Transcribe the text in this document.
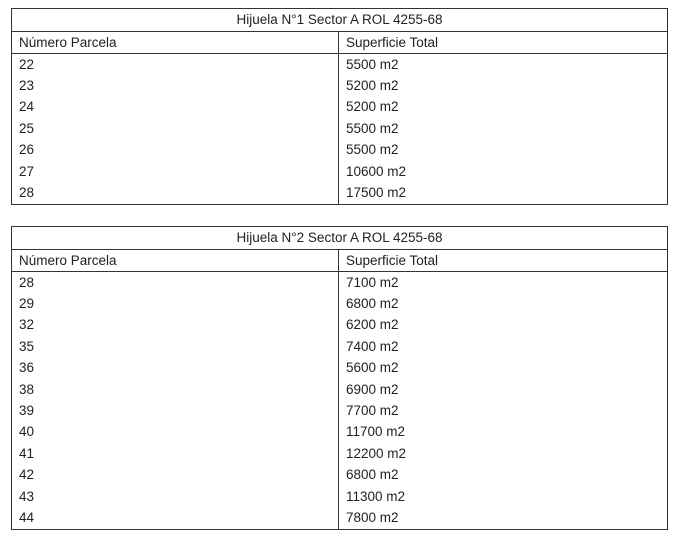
Hijuela N°1 Sector A ROL 4255-68	
Número Parcela	Superficie Total
22	5500 m2
23	5200 m2
24	5200 m2
25	5500 m2
26	5500 m2
27	10600 m2
28	17500 m2
Hijuela N°2 Sector A ROL 4255-68	
Número Parcela	Superficie Total
28	7100 m2
29	6800 m2
32	6200 m2
35	7400 m2
36	5600 m2
38	6900 m2
39	7700 m2
40	11700 m2
41	12200 m2
42	6800 m2
43	11300 m2
44	7800 m2
